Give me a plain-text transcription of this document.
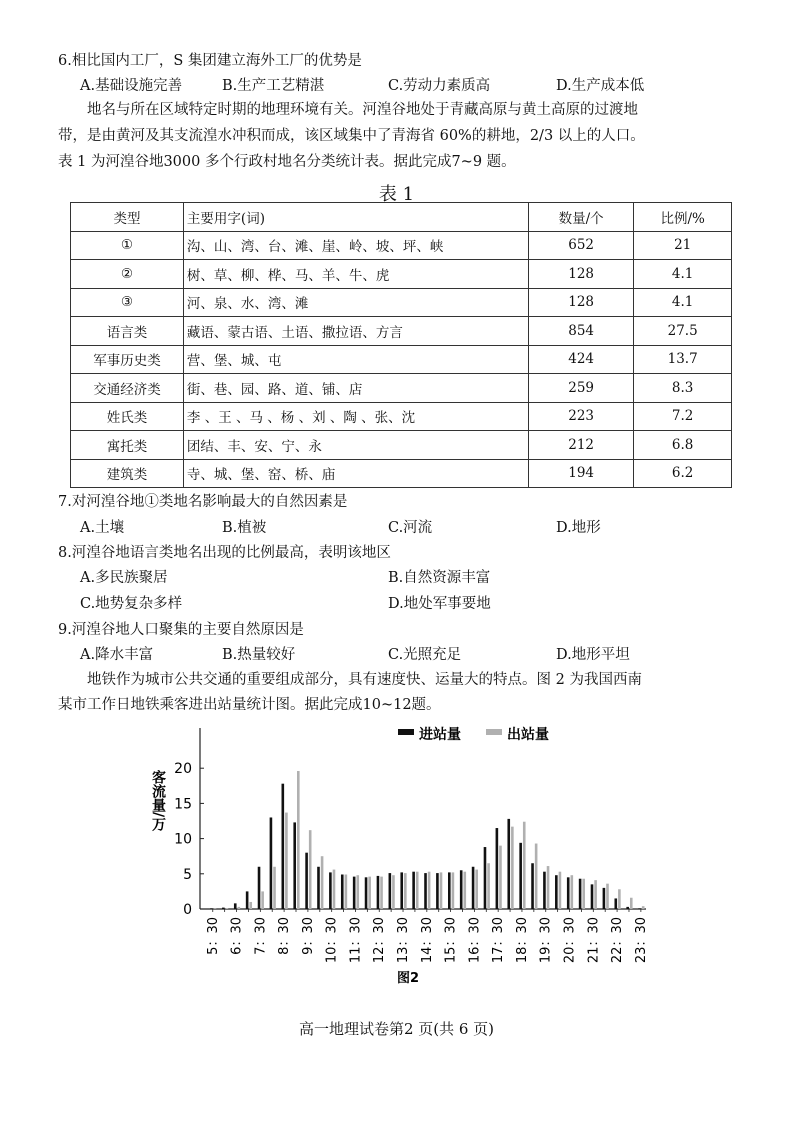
6.相比国内工厂，S 集团建立海外工厂的优势是
A.基础设施完善	B.生产工艺精湛	C.劳动力素质高	D.生产成本低
地名与所在区域特定时期的地理环境有关。河湟谷地处于青藏高原与黄土高原的过渡地
带，是由黄河及其支流湟水冲积而成，该区域集中了青海省 60%的耕地，2/3 以上的人口。
表 1 为河湟谷地3000 多个行政村地名分类统计表。据此完成7~9 题。
表 1
类型	主要用字(词)	数量/个	比例/%
①	沟、山、湾、台、滩、崖、岭、坡、坪、峡	652	21
②	树、草、柳、桦、马、羊、牛、虎	128	4.1
③	河、泉、水、湾、滩	128	4.1
语言类	藏语、蒙古语、土语、撒拉语、方言	854	27.5
军事历史类	营、堡、城、屯	424	13.7
交通经济类	街、巷、园、路、道、铺、店	259	8.3
姓氏类	李 、王 、马 、杨 、刘 、陶 、张、沈	223	7.2
寓托类	团结、丰、安、宁、永	212	6.8
建筑类	寺、城、堡、窑、桥、庙	194	6.2
7.对河湟谷地①类地名影响最大的自然因素是
A.土壤	B.植被	C.河流	D.地形
8.河湟谷地语言类地名出现的比例最高，表明该地区
A.多民族聚居	B.自然资源丰富
C.地势复杂多样	D.地处军事要地
9.河湟谷地人口聚集的主要自然原因是
A.降水丰富	B.热量较好	C.光照充足	D.地形平坦
地铁作为城市公共交通的重要组成部分，具有速度快、运量大的特点。图 2 为我国西南
某市工作日地铁乘客进出站量统计图。据此完成10~12题。
0
5
10
15
20
客流量/万
5：30 6：30 7：30 8：30 9：30 10：30 11：30 12：30 13：30 14：30 15：30 16：30 17：30 18：30 19：30 20：30 21：30 22：30 23：30
进站量	出站量
图2
高一地理试卷第2 页(共 6 页)
